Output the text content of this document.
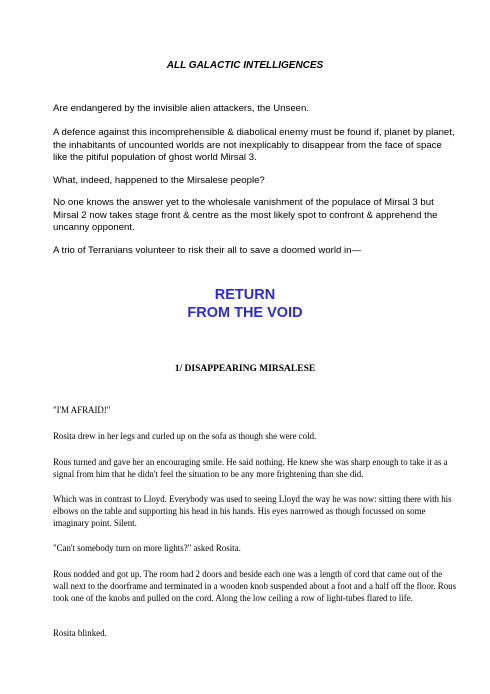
ALL GALACTIC INTELLIGENCES

Are endangered by the invisible alien attackers, the Unseen.

A defence against this incomprehensible & diabolical enemy must be found if, planet by planet, the inhabitants of uncounted worlds are not inexplicably to disappear from the face of space like the pitiful population of ghost world Mirsal 3.

What, indeed, happened to the Mirsalese people?

No one knows the answer yet to the wholesale vanishment of the populace of Mirsal 3 but Mirsal 2 now takes stage front & centre as the most likely spot to confront & apprehend the uncanny opponent.

A trio of Terranians volunteer to risk their all to save a doomed world in—

RETURN
FROM THE VOID
1/ DISAPPEARING MIRSALESE

"I'M AFRAID!"

Rosita drew in her legs and curled up on the sofa as though she were cold.

Rous turned and gave her an encouraging smile. He said nothing. He knew she was sharp enough to take it as a signal from him that he didn't feel the situation to be any more frightening than she did.

Which was in contrast to Lloyd. Everybody was used to seeing Lloyd the way he was now: sitting there with his elbows on the table and supporting his head in his hands. His eyes narrowed as though focussed on some imaginary point. Silent.

"Can't somebody turn on more lights?" asked Rosita.

Rous nodded and got up. The room had 2 doors and beside each one was a length of cord that came out of the wall next to the doorframe and terminated in a wooden knob suspended about a foot and a half off the floor. Rous took one of the knobs and pulled on the cord. Along the low ceiling a row of light-tubes flared to life.

Rosita blinked.
